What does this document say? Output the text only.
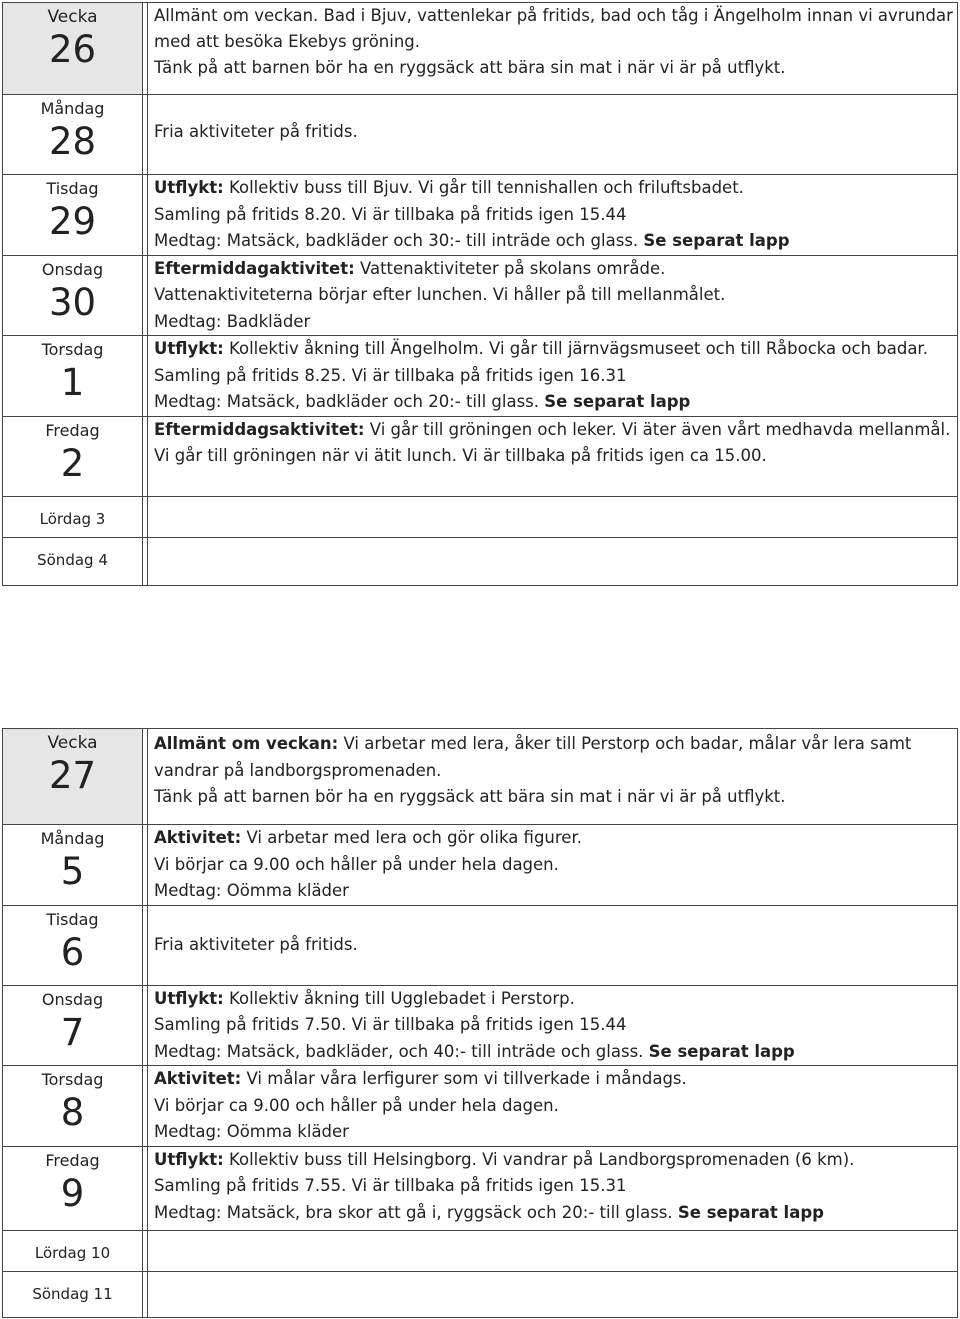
Vecka
26		Allmänt om veckan. Bad i Bjuv, vattenlekar på fritids, bad och tåg i Ängelholm innan vi avrundar
med att besöka Ekebys gröning.
Tänk på att barnen bör ha en ryggsäck att bära sin mat i när vi är på utflykt.

Måndag
28		Fria aktiviteter på fritids.

Tisdag
29		Utflykt: Kollektiv buss till Bjuv. Vi går till tennishallen och friluftsbadet.
Samling på fritids 8.20. Vi är tillbaka på fritids igen 15.44
Medtag: Matsäck, badkläder och 30:- till inträde och glass. Se separat lapp

Onsdag
30		Eftermiddagaktivitet: Vattenaktiviteter på skolans område.
Vattenaktiviteterna börjar efter lunchen. Vi håller på till mellanmålet.
Medtag: Badkläder

Torsdag
1		Utflykt: Kollektiv åkning till Ängelholm. Vi går till järnvägsmuseet och till Råbocka och badar.
Samling på fritids 8.25. Vi är tillbaka på fritids igen 16.31
Medtag: Matsäck, badkläder och 20:- till glass. Se separat lapp

Fredag
2		Eftermiddagsaktivitet: Vi går till gröningen och leker. Vi äter även vårt medhavda mellanmål.
Vi går till gröningen när vi ätit lunch. Vi är tillbaka på fritids igen ca 15.00.

Lördag 3		

Söndag 4		

Vecka
27		Allmänt om veckan: Vi arbetar med lera, åker till Perstorp och badar, målar vår lera samt vandrar på landborgspromenaden.
Tänk på att barnen bör ha en ryggsäck att bära sin mat i när vi är på utflykt.

Måndag
5		Aktivitet: Vi arbetar med lera och gör olika figurer.
Vi börjar ca 9.00 och håller på under hela dagen.
Medtag: Oömma kläder

Tisdag
6		Fria aktiviteter på fritids.

Onsdag
7		Utflykt: Kollektiv åkning till Ugglebadet i Perstorp.
Samling på fritids 7.50. Vi är tillbaka på fritids igen 15.44
Medtag: Matsäck, badkläder, och 40:- till inträde och glass. Se separat lapp

Torsdag
8		Aktivitet: Vi målar våra lerfigurer som vi tillverkade i måndags.
Vi börjar ca 9.00 och håller på under hela dagen.
Medtag: Oömma kläder

Fredag
9		Utflykt: Kollektiv buss till Helsingborg. Vi vandrar på Landborgspromenaden (6 km).
Samling på fritids 7.55. Vi är tillbaka på fritids igen 15.31
Medtag: Matsäck, bra skor att gå i, ryggsäck och 20:- till glass. Se separat lapp

Lördag 10		

Söndag 11		
